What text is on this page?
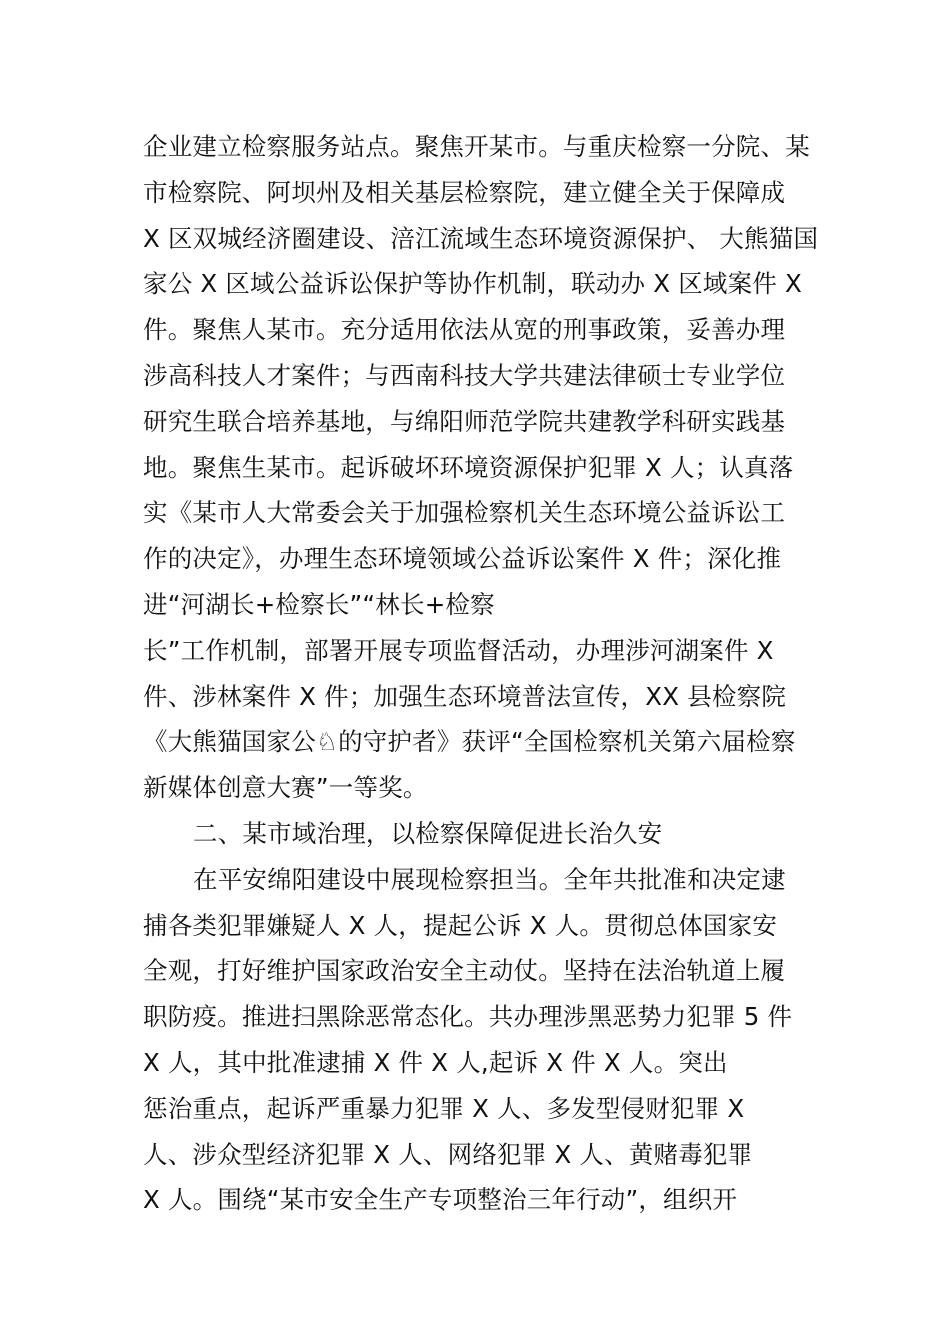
企业建立检察服务站点。聚焦开某市。与重庆检察一分院、某
市检察院、阿坝州及相关基层检察院，建立健全关于保障成
X 区双城经济圈建设、涪江流域生态环境资源保护、 大熊猫国
家公 X 区域公益诉讼保护等协作机制，联动办 X 区域案件 X
件。聚焦人某市。充分适用依法从宽的刑事政策，妥善办理
涉高科技人才案件；与西南科技大学共建法律硕士专业学位
研究生联合培养基地，与绵阳师范学院共建教学科研实践基
地。聚焦生某市。起诉破坏环境资源保护犯罪 X 人；认真落
实《某市人大常委会关于加强检察机关生态环境公益诉讼工
作的决定》，办理生态环境领域公益诉讼案件 X 件；深化推
进“河湖长+检察长”“林长+检察
长”工作机制，部署开展专项监督活动，办理涉河湖案件 X
件、涉林案件 X 件；加强生态环境普法宣传，XX 县检察院
《大熊猫国家公♘的守护者》获评“全国检察机关第六届检察
新媒体创意大赛”一等奖。
二、某市域治理，以检察保障促进长治久安
在平安绵阳建设中展现检察担当。全年共批准和决定逮
捕各类犯罪嫌疑人 X 人，提起公诉 X 人。贯彻总体国家安
全观，打好维护国家政治安全主动仗。坚持在法治轨道上履
职防疫。推进扫黑除恶常态化。共办理涉黑恶势力犯罪 5 件
X 人，其中批准逮捕 X 件 X 人,起诉 X 件 X 人。突出
惩治重点，起诉严重暴力犯罪 X 人、多发型侵财犯罪 X
人、涉众型经济犯罪 X 人、网络犯罪 X 人、黄赌毒犯罪
X 人。围绕“某市安全生产专项整治三年行动”，组织开
